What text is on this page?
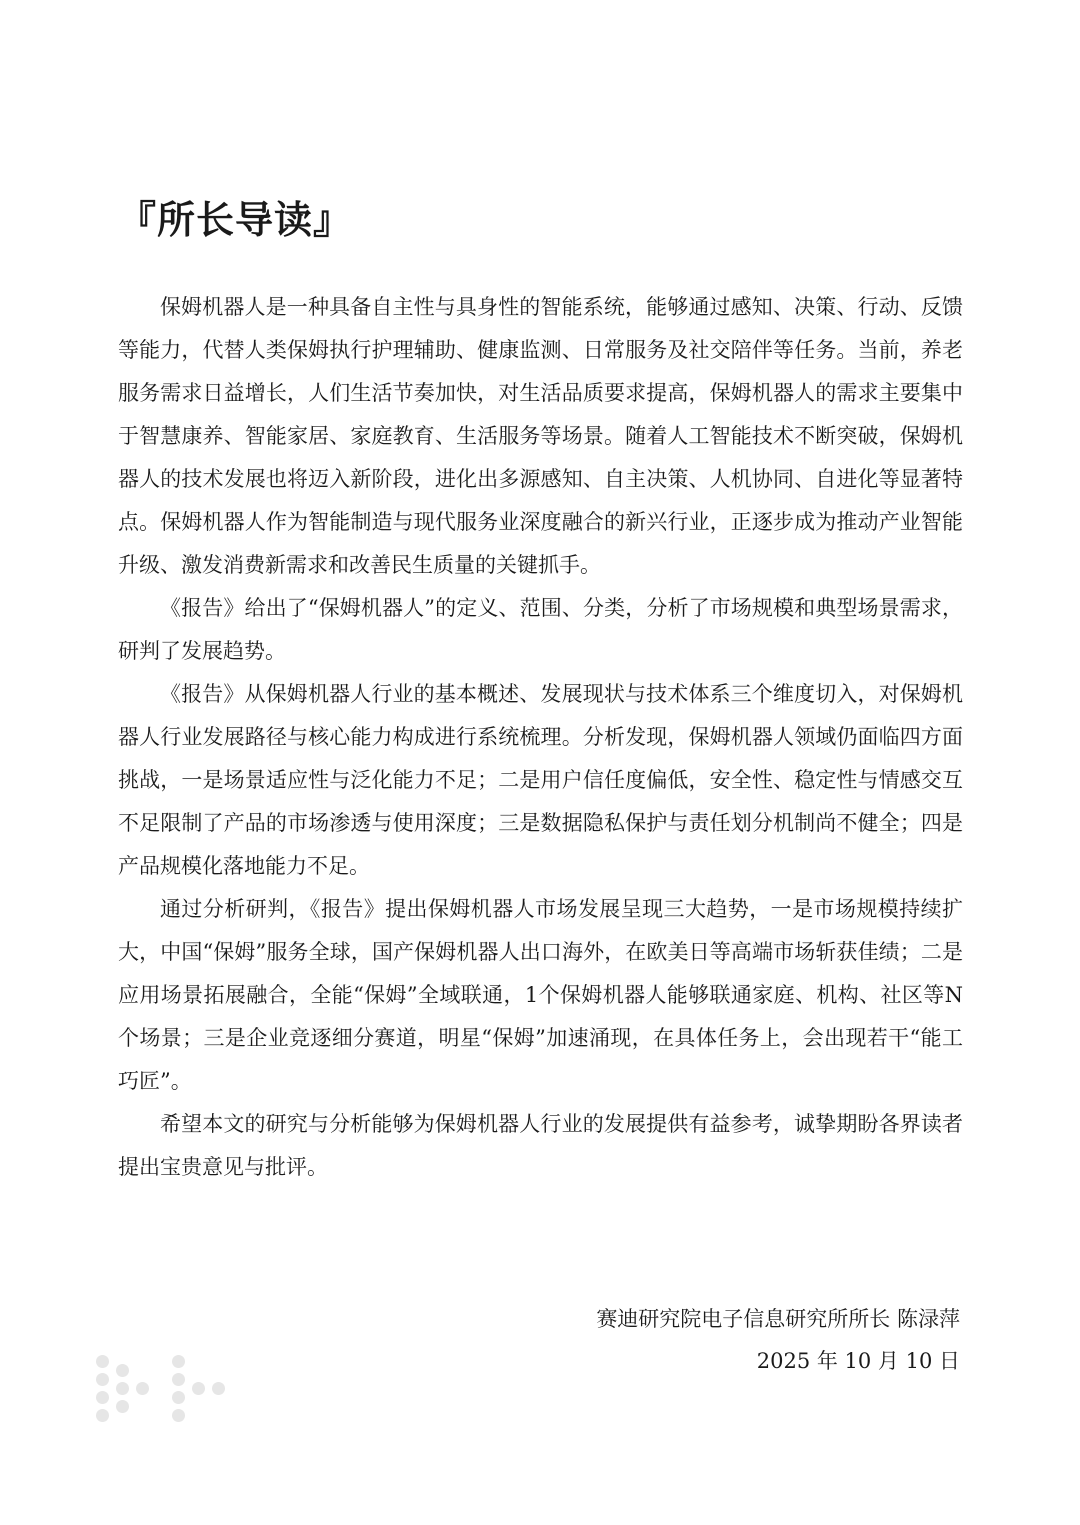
『所长导读』

保姆机器人是一种具备自主性与具身性的智能系统，能够通过感知、决策、行动、反馈等能力，代替人类保姆执行护理辅助、健康监测、日常服务及社交陪伴等任务。当前，养老服务需求日益增长，人们生活节奏加快，对生活品质要求提高，保姆机器人的需求主要集中于智慧康养、智能家居、家庭教育、生活服务等场景。随着人工智能技术不断突破，保姆机器人的技术发展也将迈入新阶段，进化出多源感知、自主决策、人机协同、自进化等显著特点。保姆机器人作为智能制造与现代服务业深度融合的新兴行业，正逐步成为推动产业智能升级、激发消费新需求和改善民生质量的关键抓手。

《报告》给出了“保姆机器人”的定义、范围、分类，分析了市场规模和典型场景需求，研判了发展趋势。

《报告》从保姆机器人行业的基本概述、发展现状与技术体系三个维度切入，对保姆机器人行业发展路径与核心能力构成进行系统梳理。分析发现，保姆机器人领域仍面临四方面挑战，一是场景适应性与泛化能力不足；二是用户信任度偏低，安全性、稳定性与情感交互不足限制了产品的市场渗透与使用深度；三是数据隐私保护与责任划分机制尚不健全；四是产品规模化落地能力不足。

通过分析研判，《报告》提出保姆机器人市场发展呈现三大趋势，一是市场规模持续扩大，中国“保姆”服务全球，国产保姆机器人出口海外，在欧美日等高端市场斩获佳绩；二是应用场景拓展融合，全能“保姆”全域联通，1个保姆机器人能够联通家庭、机构、社区等N个场景；三是企业竞逐细分赛道，明星“保姆”加速涌现，在具体任务上，会出现若干“能工巧匠”。

希望本文的研究与分析能够为保姆机器人行业的发展提供有益参考，诚挚期盼各界读者提出宝贵意见与批评。

赛迪研究院电子信息研究所所长 陈渌萍
2025 年 10 月 10 日
